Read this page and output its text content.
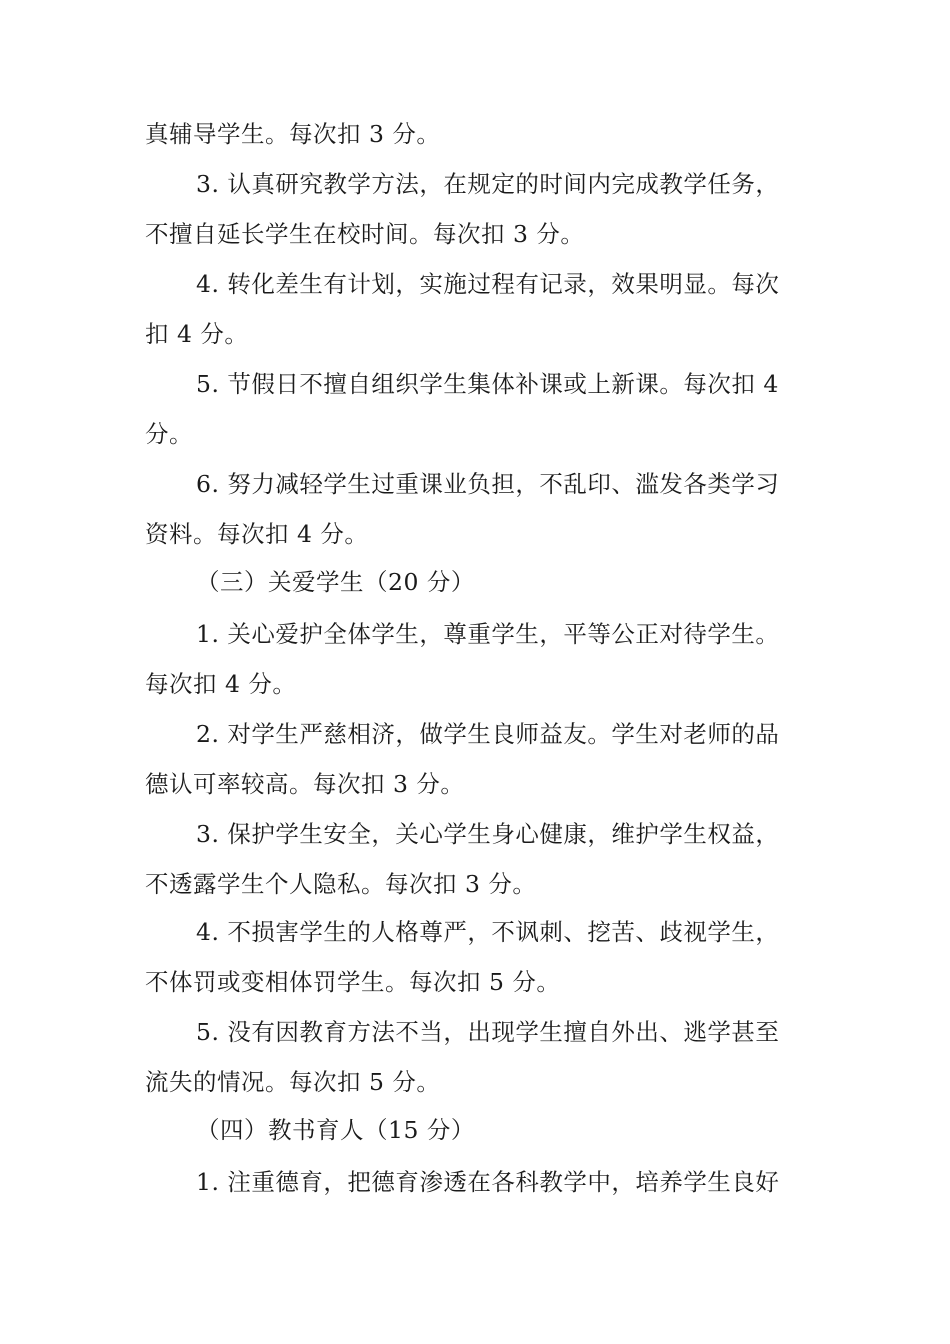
真辅导学生。每次扣 3 分。
3. 认真研究教学方法，在规定的时间内完成教学任务，
不擅自延长学生在校时间。每次扣 3 分。
4. 转化差生有计划，实施过程有记录，效果明显。每次
扣 4 分。
5. 节假日不擅自组织学生集体补课或上新课。每次扣 4
分。
6. 努力减轻学生过重课业负担，不乱印、滥发各类学习
资料。每次扣 4 分。
（三）关爱学生（20 分）
1. 关心爱护全体学生，尊重学生，平等公正对待学生。
每次扣 4 分。
2. 对学生严慈相济，做学生良师益友。学生对老师的品
德认可率较高。每次扣 3 分。
3. 保护学生安全，关心学生身心健康，维护学生权益，
不透露学生个人隐私。每次扣 3 分。
4. 不损害学生的人格尊严，不讽刺、挖苦、歧视学生，
不体罚或变相体罚学生。每次扣 5 分。
5. 没有因教育方法不当，出现学生擅自外出、逃学甚至
流失的情况。每次扣 5 分。
（四）教书育人（15 分）
1. 注重德育，把德育渗透在各科教学中，培养学生良好
